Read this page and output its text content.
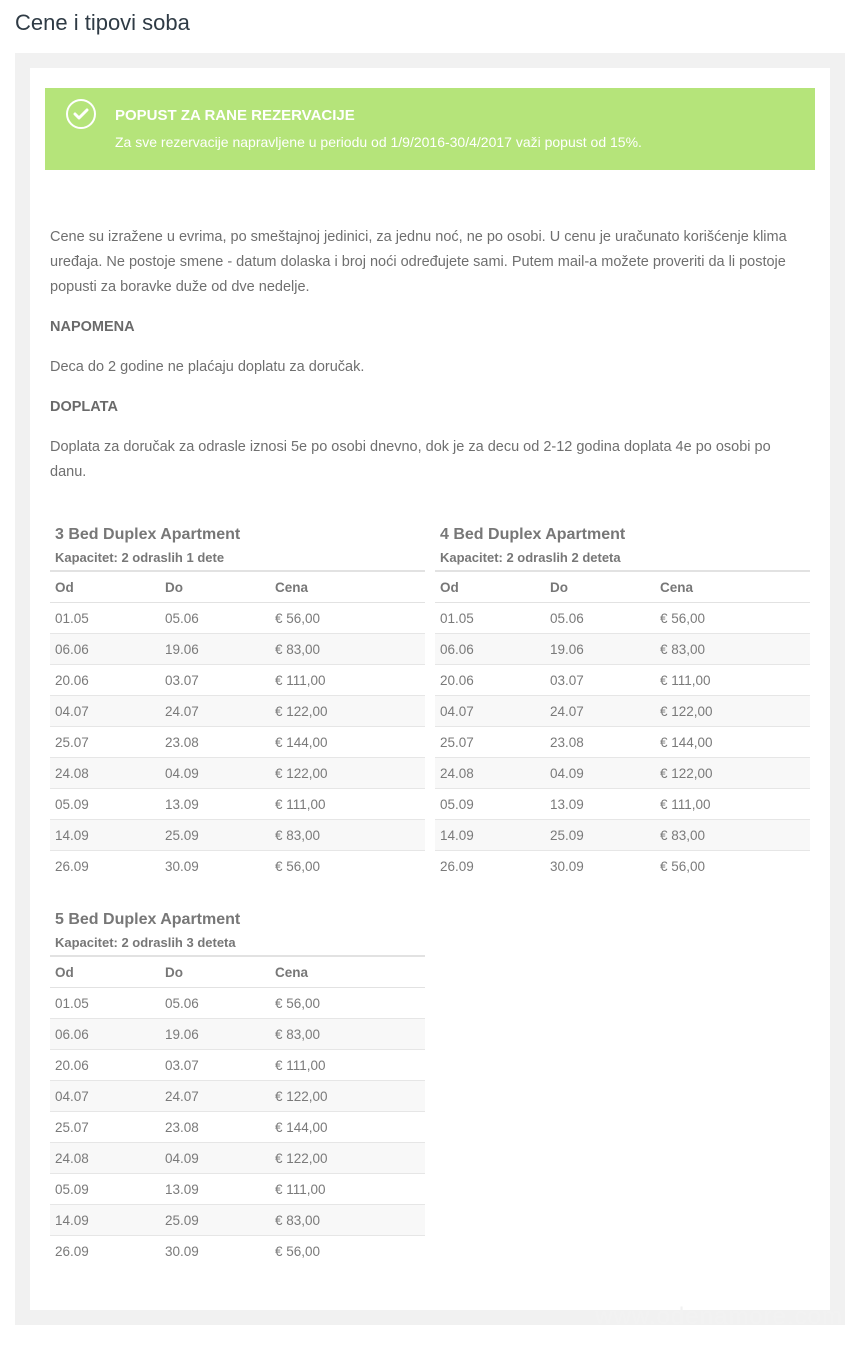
Cene i tipovi soba
POPUST ZA RANE REZERVACIJE
Za sve rezervacije napravljene u periodu od 1/9/2016-30/4/2017 važi popust od 15%.

Cene su izražene u evrima, po smeštajnoj jedinici, za jednu noć, ne po osobi. U cenu je uračunato korišćenje klima uređaja. Ne postoje smene - datum dolaska i broj noći određujete sami. Putem mail-a možete proveriti da li postoje popusti za boravke duže od dve nedelje.

NAPOMENA

Deca do 2 godine ne plaćaju doplatu za doručak.

DOPLATA

Doplata za doručak za odrasle iznosi 5e po osobi dnevno, dok je za decu od 2-12 godina doplata 4e po osobi po danu.

3 Bed Duplex Apartment
Kapacitet: 2 odraslih 1 dete
Od	Do	Cena
01.05	05.06	€ 56,00
06.06	19.06	€ 83,00
20.06	03.07	€ 111,00
04.07	24.07	€ 122,00
25.07	23.08	€ 144,00
24.08	04.09	€ 122,00
05.09	13.09	€ 111,00
14.09	25.09	€ 83,00
26.09	30.09	€ 56,00
4 Bed Duplex Apartment
Kapacitet: 2 odraslih 2 deteta
Od	Do	Cena
01.05	05.06	€ 56,00
06.06	19.06	€ 83,00
20.06	03.07	€ 111,00
04.07	24.07	€ 122,00
25.07	23.08	€ 144,00
24.08	04.09	€ 122,00
05.09	13.09	€ 111,00
14.09	25.09	€ 83,00
26.09	30.09	€ 56,00
5 Bed Duplex Apartment
Kapacitet: 2 odraslih 3 deteta
Od	Do	Cena
01.05	05.06	€ 56,00
06.06	19.06	€ 83,00
20.06	03.07	€ 111,00
04.07	24.07	€ 122,00
25.07	23.08	€ 144,00
24.08	04.09	€ 122,00
05.09	13.09	€ 111,00
14.09	25.09	€ 83,00
26.09	30.09	€ 56,00
www.odenamore.com
